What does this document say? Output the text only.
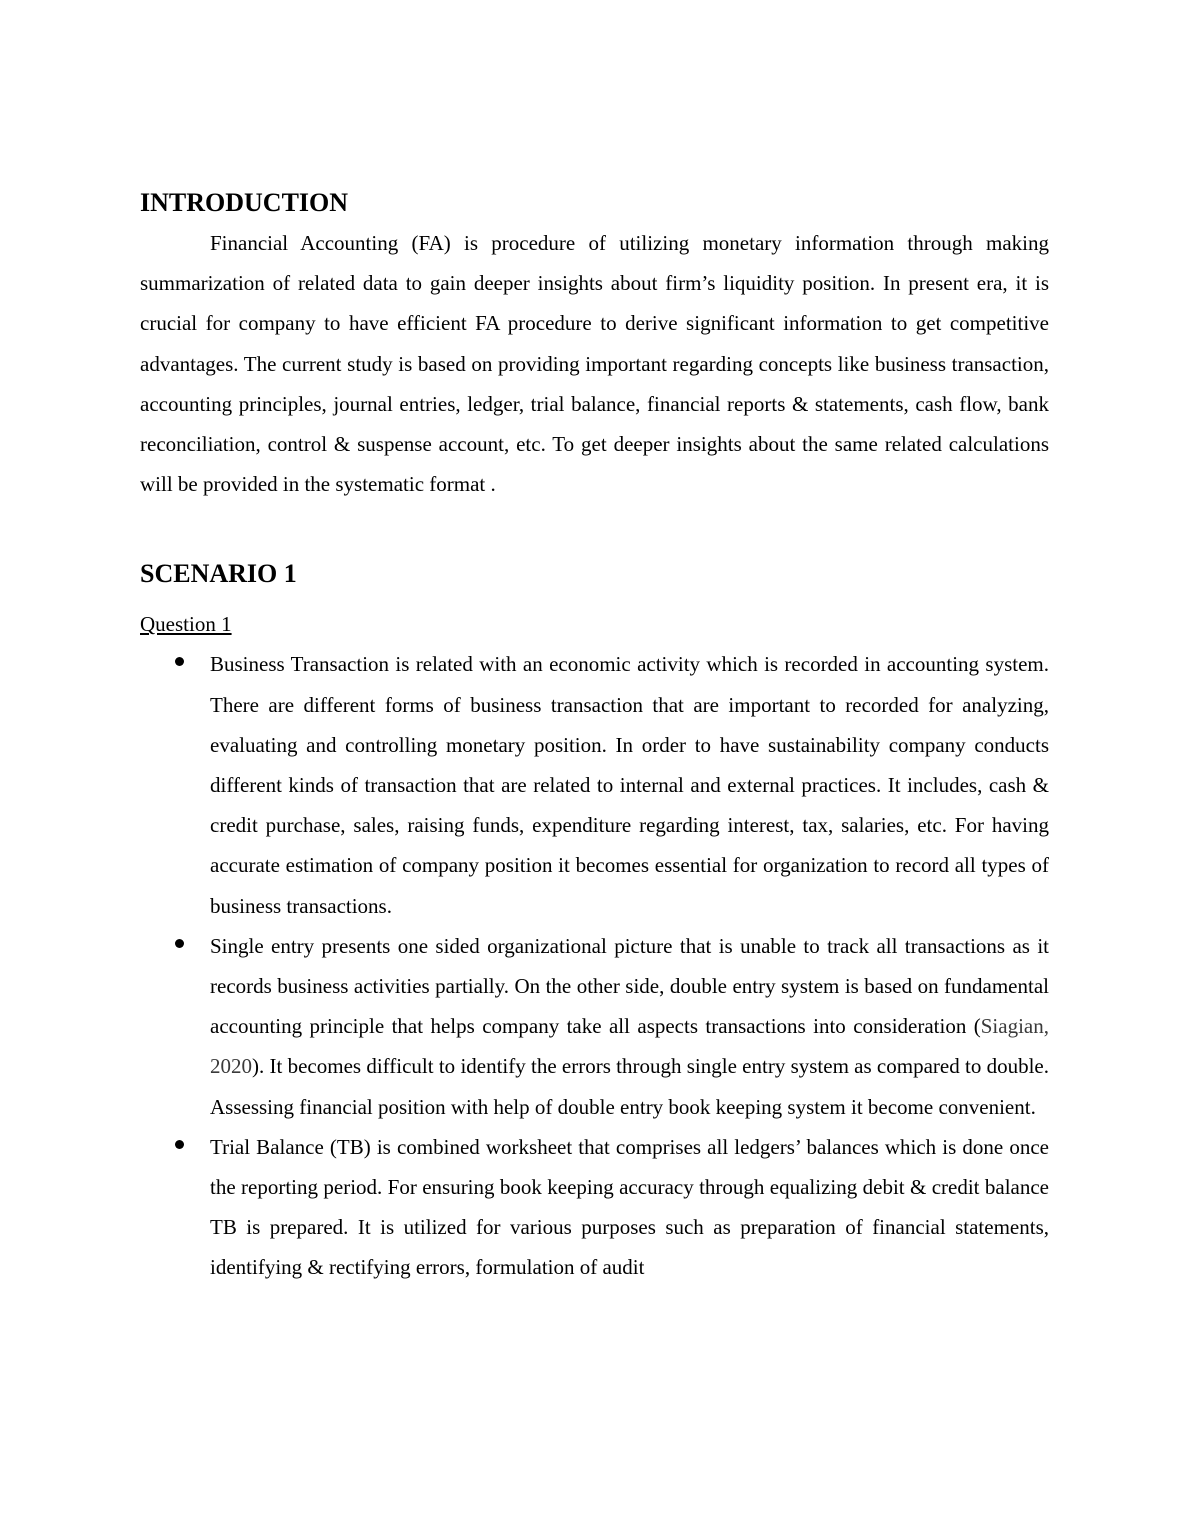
INTRODUCTION

Financial Accounting (FA) is procedure of utilizing monetary information through making summarization of related data to gain deeper insights about firm’s liquidity position. In present era, it is crucial for company to have efficient FA procedure to derive significant information to get competitive advantages. The current study is based on providing important regarding concepts like business transaction, accounting principles, journal entries, ledger, trial balance, financial reports & statements, cash flow, bank reconciliation, control & suspense account, etc. To get deeper insights about the same related calculations will be provided in the systematic format .

SCENARIO 1
Question 1

Business Transaction is related with an economic activity which is recorded in accounting system. There are different forms of business transaction that are important to recorded for analyzing, evaluating and controlling monetary position. In order to have sustainability company conducts different kinds of transaction that are related to internal and external practices. It includes, cash & credit purchase, sales, raising funds, expenditure regarding interest, tax, salaries, etc. For having accurate estimation of company position it becomes essential for organization to record all types of business transactions.

Single entry presents one sided organizational picture that is unable to track all transactions as it records business activities partially. On the other side, double entry system is based on fundamental accounting principle that helps company take all aspects transactions into consideration (Siagian, 2020). It becomes difficult to identify the errors through single entry system as compared to double. Assessing financial position with help of double entry book keeping system it become convenient.

Trial Balance (TB) is combined worksheet that comprises all ledgers’ balances which is done once the reporting period. For ensuring book keeping accuracy through equalizing debit & credit balance TB is prepared. It is utilized for various purposes such as preparation of financial statements, identifying & rectifying errors, formulation of audit
